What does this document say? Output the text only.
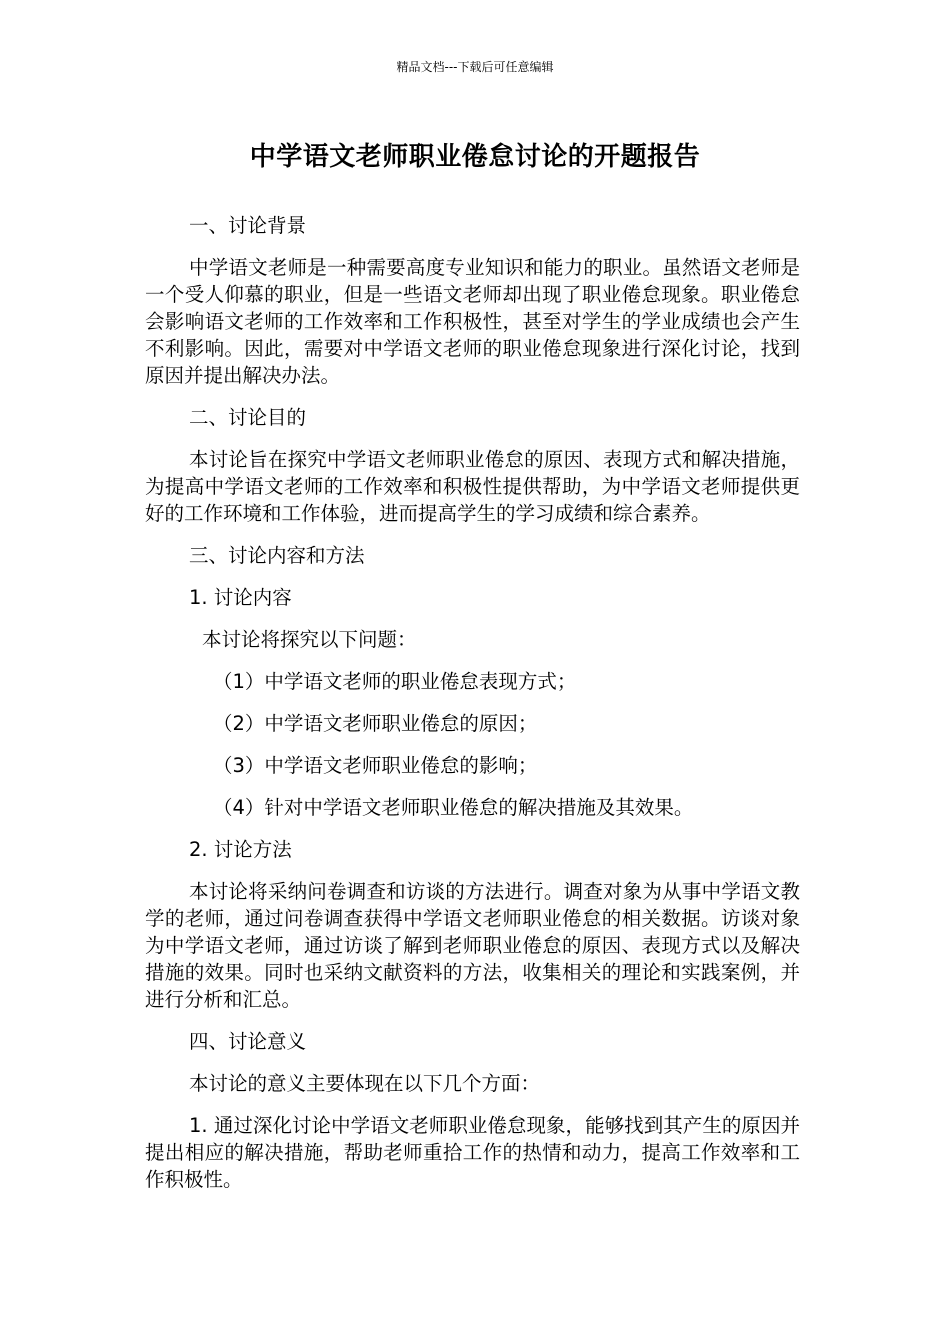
精品文档---下载后可任意编辑
中学语文老师职业倦怠讨论的开题报告

一、讨论背景

中学语文老师是一种需要高度专业知识和能力的职业。虽然语文老师是一个受人仰慕的职业，但是一些语文老师却出现了职业倦怠现象。职业倦怠会影响语文老师的工作效率和工作积极性，甚至对学生的学业成绩也会产生不利影响。因此，需要对中学语文老师的职业倦怠现象进行深化讨论，找到原因并提出解决办法。

二、讨论目的

本讨论旨在探究中学语文老师职业倦怠的原因、表现方式和解决措施，为提高中学语文老师的工作效率和积极性提供帮助，为中学语文老师提供更好的工作环境和工作体验，进而提高学生的学习成绩和综合素养。

三、讨论内容和方法

1. 讨论内容

本讨论将探究以下问题：

（1）中学语文老师的职业倦怠表现方式；

（2）中学语文老师职业倦怠的原因；

（3）中学语文老师职业倦怠的影响；

（4）针对中学语文老师职业倦怠的解决措施及其效果。

2. 讨论方法

本讨论将采纳问卷调查和访谈的方法进行。调查对象为从事中学语文教学的老师，通过问卷调查获得中学语文老师职业倦怠的相关数据。访谈对象为中学语文老师，通过访谈了解到老师职业倦怠的原因、表现方式以及解决措施的效果。同时也采纳文献资料的方法，收集相关的理论和实践案例，并进行分析和汇总。

四、讨论意义

本讨论的意义主要体现在以下几个方面：

1. 通过深化讨论中学语文老师职业倦怠现象，能够找到其产生的原因并提出相应的解决措施，帮助老师重拾工作的热情和动力，提高工作效率和工作积极性。
